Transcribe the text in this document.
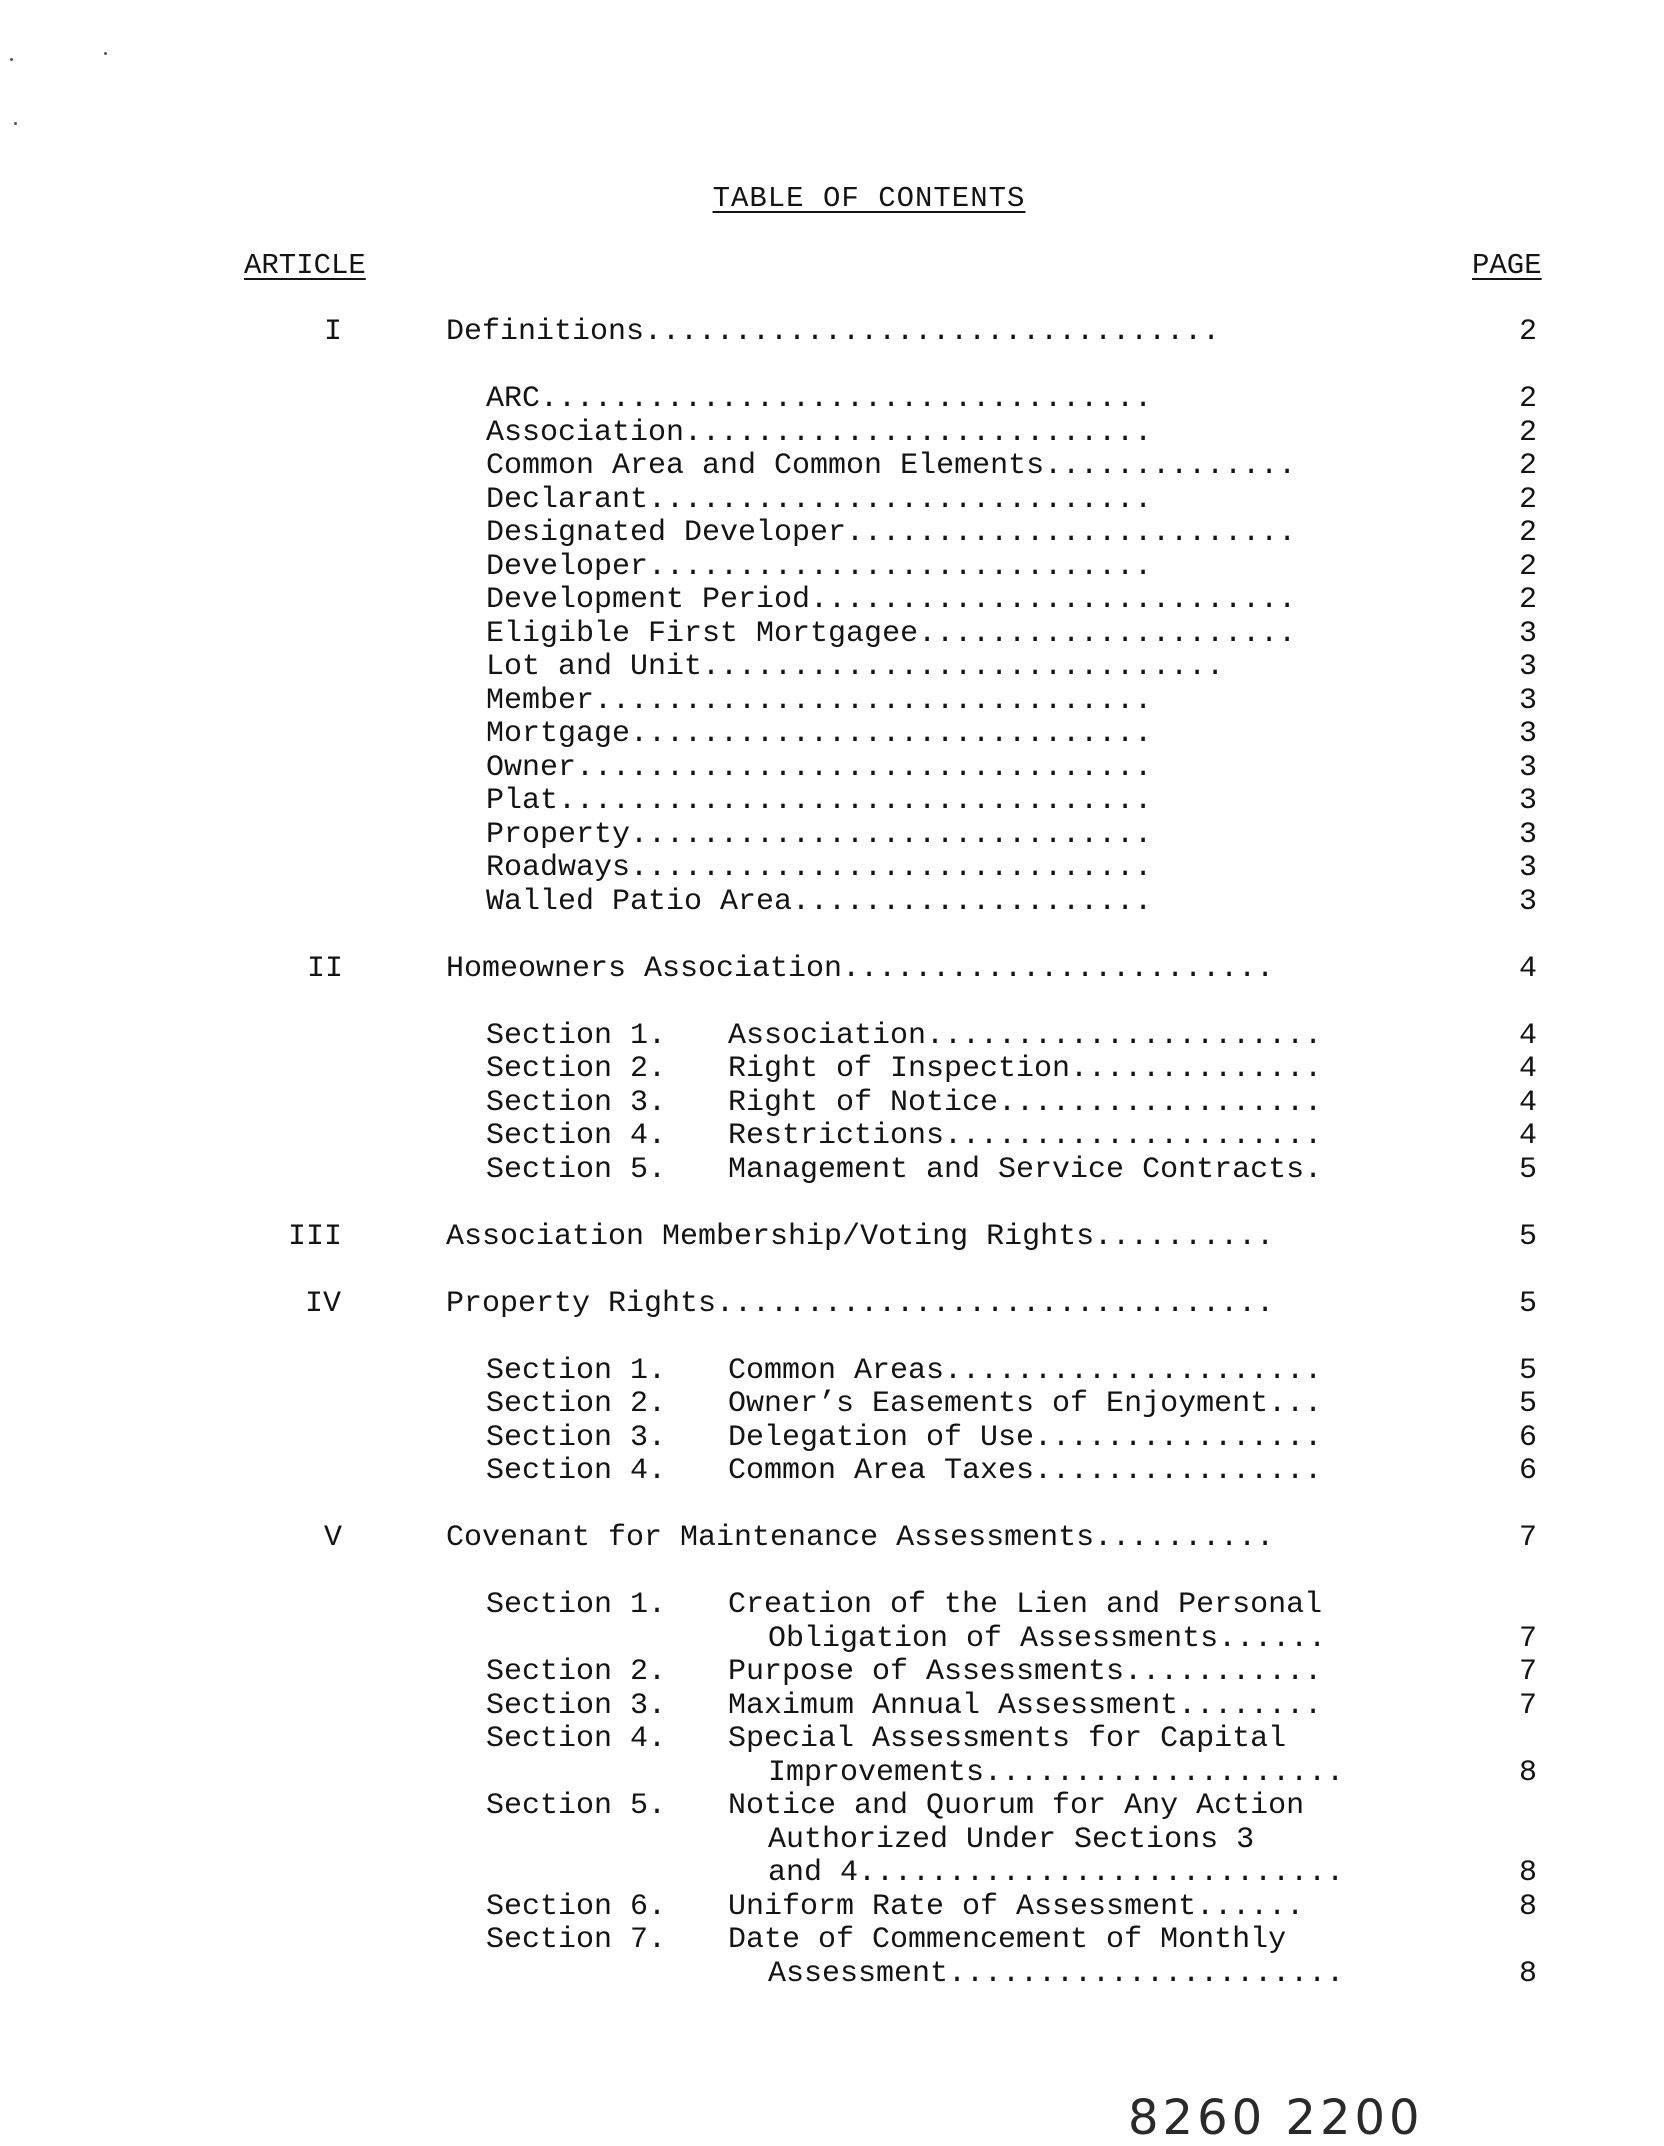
TABLE OF CONTENTS
ARTICLE	PAGE
I	Definitions................................	2
ARC..................................	2
Association..........................	2
Common Area and Common Elements..............	2
Declarant............................	2
Designated Developer.........................	2
Developer............................	2
Development Period...........................	2
Eligible First Mortgagee.....................	3
Lot and Unit.............................	3
Member...............................	3
Mortgage.............................	3
Owner................................	3
Plat.................................	3
Property.............................	3
Roadways.............................	3
Walled Patio Area....................	3
II	Homeowners Association........................	4
Section 1. Association......................	4
Section 2. Right of Inspection..............	4
Section 3. Right of Notice..................	4
Section 4. Restrictions.....................	4
Section 5. Management and Service Contracts.	5
III	Association Membership/Voting Rights..........	5
IV	Property Rights...............................	5
Section 1. Common Areas.....................	5
Section 2. Owner’s Easements of Enjoyment...	5
Section 3. Delegation of Use................	6
Section 4. Common Area Taxes................	6
V	Covenant for Maintenance Assessments..........	7
Section 1. Creation of the Lien and Personal
Obligation of Assessments......	7
Section 2. Purpose of Assessments...........	7
Section 3. Maximum Annual Assessment........	7
Section 4. Special Assessments for Capital
Improvements....................	8
Section 5. Notice and Quorum for Any Action
Authorized Under Sections 3
and 4...........................	8
Section 6. Uniform Rate of Assessment......	8
Section 7. Date of Commencement of Monthly
Assessment......................	8
8260 2200
